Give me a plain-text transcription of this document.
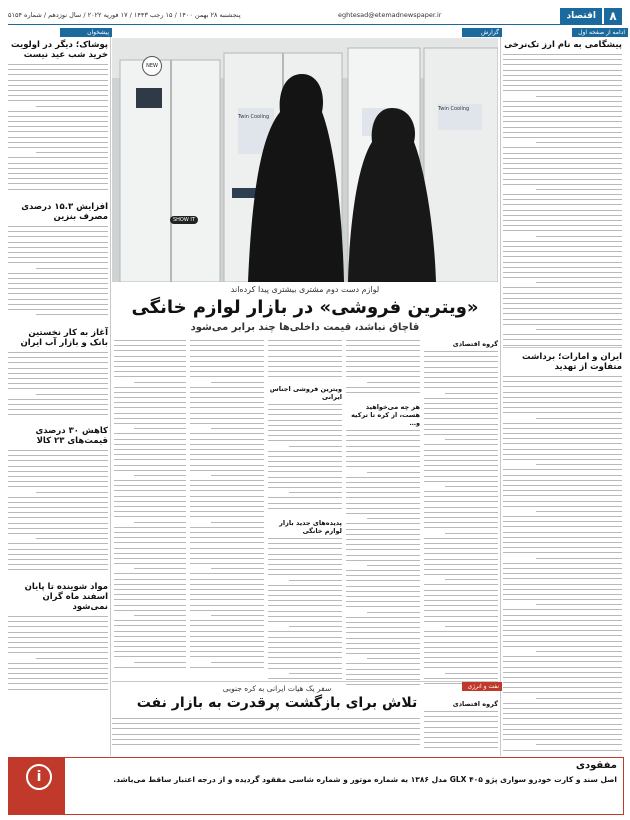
پنجشنبه ۲۸ بهمن ۱۴۰۰ / ۱۵ رجب ۱۴۴۳ / ۱۷ فوریه ۲۰۲۲ / سال نوزدهم / شماره ۵۱۵۴	eghtesad@etemadnewspaper.ir	اقتصاد	۸
ادامه از صفحه اول
پیشگامی به نام ارز تک‌نرخی
ایران و امارات؛ برداشت متفاوت از تهدید
پیشخوان
پوشاک؛ دیگر در اولویت خرید شب عید نیست
افزایش ۱۵.۳ درصدی مصرف بنزین
آغاز به کار نخستین بانک و بازار آب ایران
کاهش ۳۰ درصدی قیمت‌های ۲۳ کالا
مواد شوینده تا پایان اسفند ماه گران نمی‌شود
گزارش
NEW
SHOW IT
Twin Cooling
Twin Cooling
لوازم دست دوم مشتری بیشتری پیدا کرده‌اند
«ویترین فروشی» در بازار لوازم خانگی
قاچاق نباشد، قیمت داخلی‌ها چند برابر می‌شود
گروه اقتصادی
هر چه می‌خواهید هست، از کره تا ترکیه و…
ویترین فروشی اجناس ایرانی
پدیده‌های جدید بازار لوازم خانگی
نفت و انرژی
سفر یک هیات ایرانی به کره جنوبی
تلاش برای بازگشت پرقدرت به بازار نفت	گروه اقتصادی
i
مفقودی
اصل سند و کارت خودرو سواری پژو ۴۰۵ GLX مدل ۱۳۸۶ به شماره موتور و شماره شاسی مفقود گردیده و از درجه اعتبار ساقط می‌باشد.
